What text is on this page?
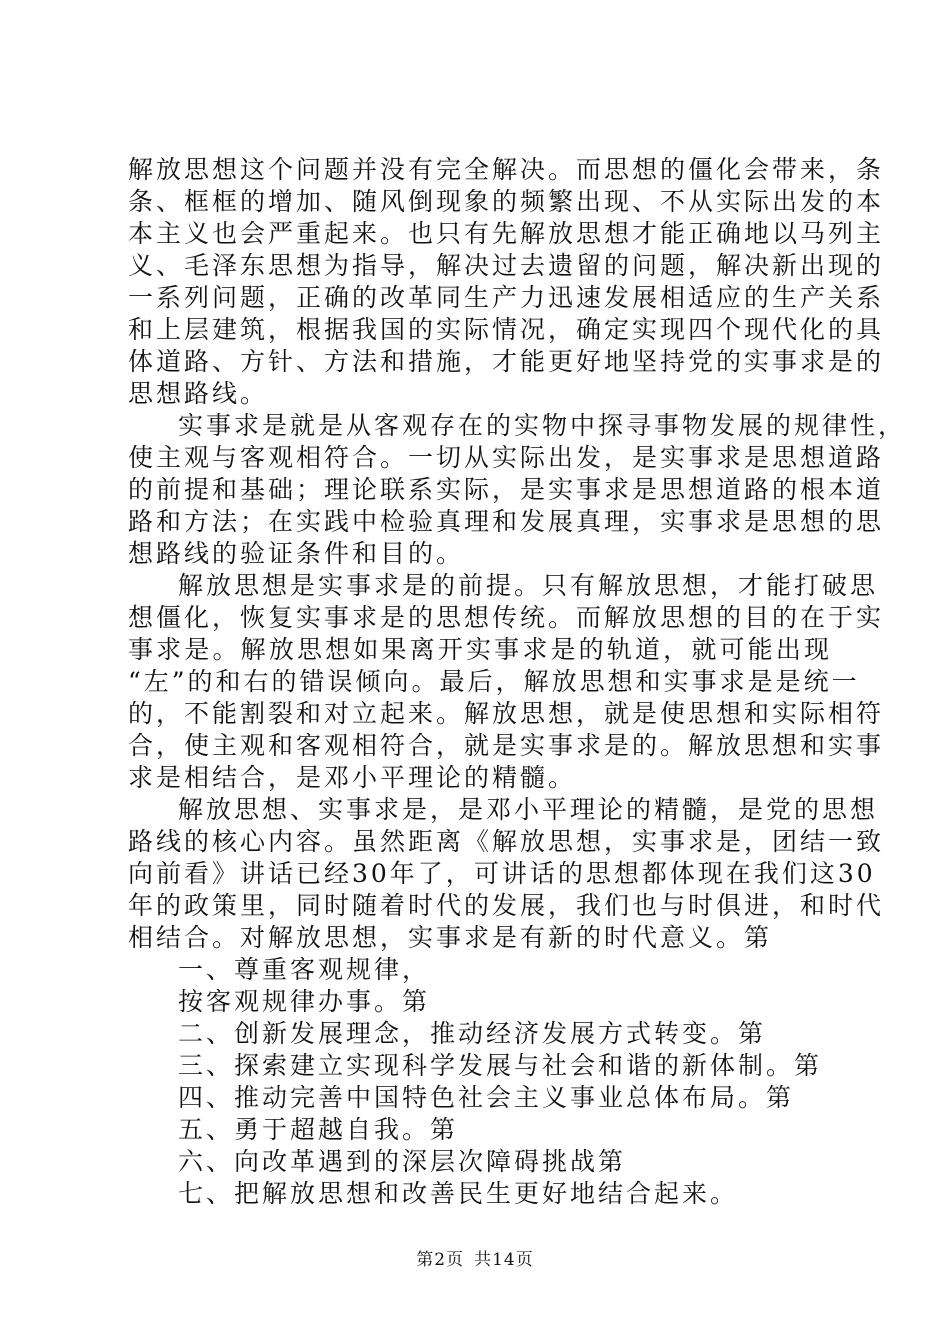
解放思想这个问题并没有完全解决。而思想的僵化会带来，条
条、框框的增加、随风倒现象的频繁出现、不从实际出发的本
本主义也会严重起来。也只有先解放思想才能正确地以马列主
义、毛泽东思想为指导，解决过去遗留的问题，解决新出现的
一系列问题，正确的改革同生产力迅速发展相适应的生产关系
和上层建筑，根据我国的实际情况，确定实现四个现代化的具
体道路、方针、方法和措施，才能更好地坚持党的实事求是的
思想路线。
实事求是就是从客观存在的实物中探寻事物发展的规律性，
使主观与客观相符合。一切从实际出发，是实事求是思想道路
的前提和基础；理论联系实际，是实事求是思想道路的根本道
路和方法；在实践中检验真理和发展真理，实事求是思想的思
想路线的验证条件和目的。
解放思想是实事求是的前提。只有解放思想，才能打破思
想僵化，恢复实事求是的思想传统。而解放思想的目的在于实
事求是。解放思想如果离开实事求是的轨道，就可能出现
“左”的和右的错误倾向。最后，解放思想和实事求是是统一
的，不能割裂和对立起来。解放思想，就是使思想和实际相符
合，使主观和客观相符合，就是实事求是的。解放思想和实事
求是相结合，是邓小平理论的精髓。
解放思想、实事求是，是邓小平理论的精髓，是党的思想
路线的核心内容。虽然距离《解放思想，实事求是，团结一致
向前看》讲话已经30年了，可讲话的思想都体现在我们这30
年的政策里，同时随着时代的发展，我们也与时俱进，和时代
相结合。对解放思想，实事求是有新的时代意义。第
一、尊重客观规律，
按客观规律办事。第
二、创新发展理念，推动经济发展方式转变。第
三、探索建立实现科学发展与社会和谐的新体制。第
四、推动完善中国特色社会主义事业总体布局。第
五、勇于超越自我。第
六、向改革遇到的深层次障碍挑战第
七、把解放思想和改善民生更好地结合起来。
第2页 共14页
